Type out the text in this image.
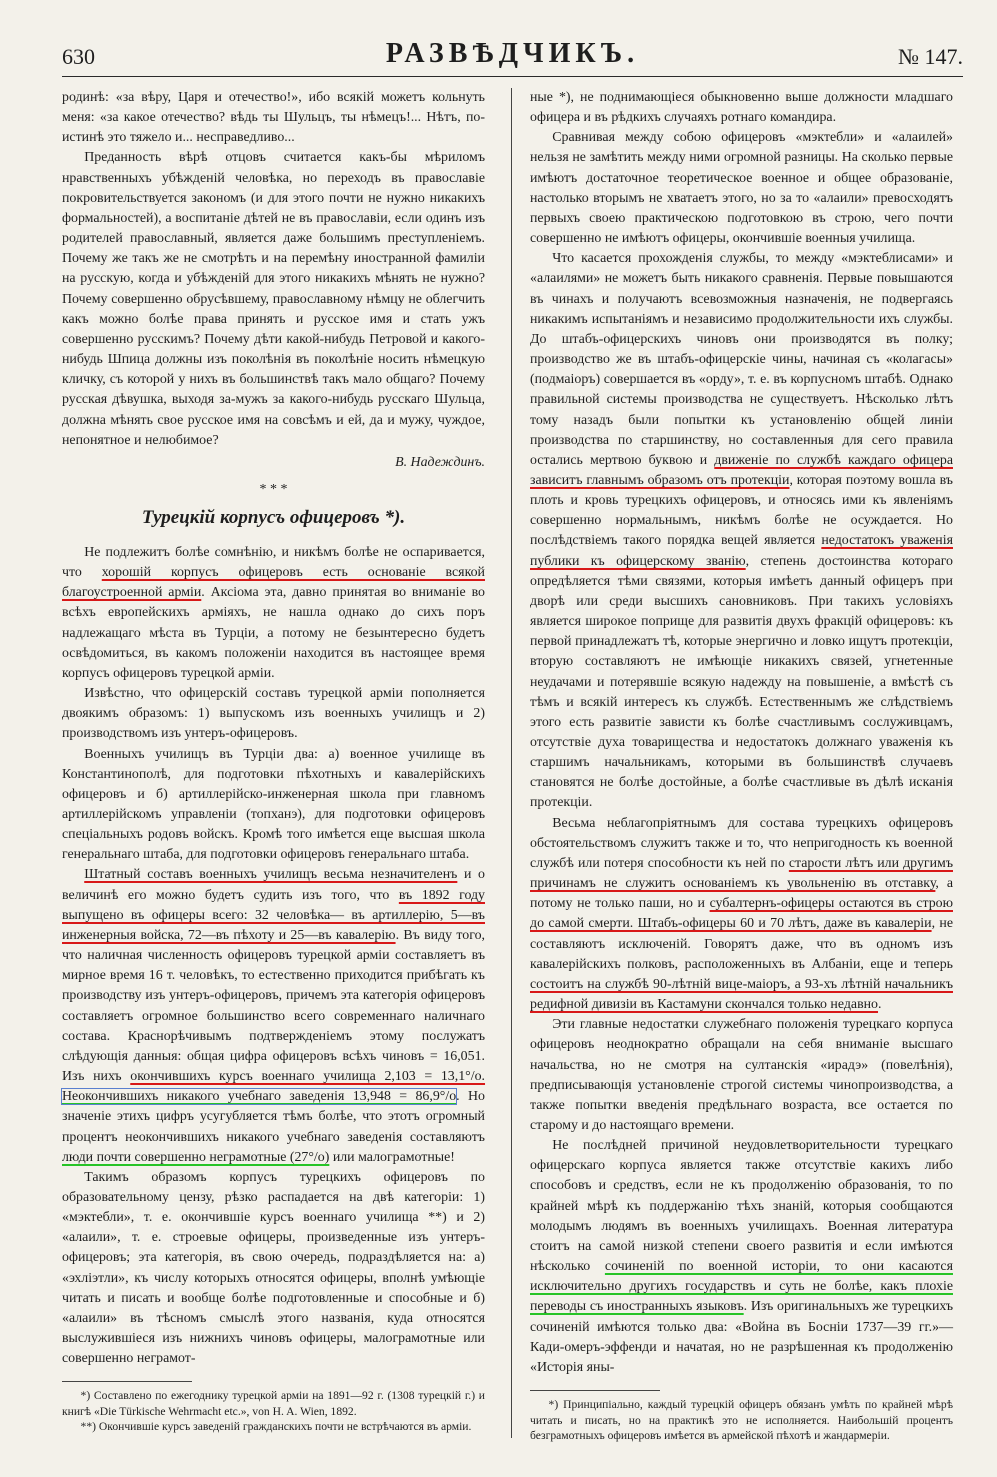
630	РАЗВѢДЧИКЪ.	№ 147.

родинѣ: «за вѣру, Царя и отечество!», ибо всякій можетъ кольнуть меня: «за какое отечество? вѣдь ты Шульцъ, ты нѣмецъ!... Нѣтъ, по-истинѣ это тяжело и... несправедливо...

Преданность вѣрѣ отцовъ считается какъ-бы мѣриломъ нравственныхъ убѣжденій человѣка, но переходъ въ православіе покровительствуется закономъ (и для этого почти не нужно никакихъ формальностей), а воспитаніе дѣтей не въ православіи, если одинъ изъ родителей православный, является даже большимъ преступленіемъ. Почему же такъ же не смотрѣть и на перемѣну иностранной фамиліи на русскую, когда и убѣжденій для этого никакихъ мѣнять не нужно? Почему совершенно обрусѣвшему, православному нѣмцу не облегчить какъ можно болѣе права принять и русское имя и стать ужъ совершенно русскимъ? Почему дѣти какой-нибудь Петровой и какого-нибудь Шпица должны изъ поколѣнія въ поколѣніе носить нѣмецкую кличку, съ которой у нихъ въ большинствѣ такъ мало общаго? Почему русская дѣвушка, выходя за-мужъ за какого-нибудь русскаго Шульца, должна мѣнять свое русское имя на совсѣмъ и ей, да и мужу, чуждое, непонятное и нелюбимое?

В. Надеждинъ.
* * *
Турецкій корпусъ офицеровъ *).

Не подлежитъ болѣе сомнѣнію, и никѣмъ болѣе не оспаривается, что хорошій корпусъ офицеровъ есть основаніе всякой благоустроенной арміи. Аксіома эта, давно принятая во вниманіе во всѣхъ европейскихъ арміяхъ, не нашла однако до сихъ поръ надлежащаго мѣста въ Турціи, а потому не безынтересно будетъ освѣдомиться, въ какомъ положеніи находится въ настоящее время корпусъ офицеровъ турецкой арміи.

Извѣстно, что офицерскій составъ турецкой арміи пополняется двоякимъ образомъ: 1) выпускомъ изъ военныхъ училищъ и 2) производствомъ изъ унтеръ-офицеровъ.

Военныхъ училищъ въ Турціи два: а) военное училище въ Константинополѣ, для подготовки пѣхотныхъ и кавалерійскихъ офицеровъ и б) артиллерійско-инженерная школа при главномъ артиллерійскомъ управленіи (топханэ), для подготовки офицеровъ спеціальныхъ родовъ войскъ. Кромѣ того имѣется еще высшая школа генеральнаго штаба, для подготовки офицеровъ генеральнаго штаба.

Штатный составъ военныхъ училищъ весьма незначителенъ и о величинѣ его можно будетъ судить изъ того, что въ 1892 году выпущено въ офицеры всего: 32 человѣка— въ артиллерію, 5—въ инженерныя войска, 72—въ пѣхоту и 25—въ кавалерію. Въ виду того, что наличная численность офицеровъ турецкой арміи составляетъ въ мирное время 16 т. человѣкъ, то естественно приходится прибѣгать къ производству изъ унтеръ-офицеровъ, причемъ эта категорія офицеровъ составляетъ огромное большинство всего современнаго наличнаго состава. Краснорѣчивымъ подтвержденіемъ этому послужатъ слѣдующія данныя: общая цифра офицеровъ всѣхъ чиновъ = 16,051. Изъ нихъ окончившихъ курсъ военнаго училища 2,103 = 13,1°/о. Неокончившихъ никакого учебнаго заведенія 13,948 = 86,9°/о. Но значеніе этихъ цифръ усугубляется тѣмъ болѣе, что этотъ огромный процентъ неокончившихъ никакого учебнаго заведенія составляютъ люди почти совершенно неграмотные (27°/о) или малограмотные!

Такимъ образомъ корпусъ турецкихъ офицеровъ по образовательному цензу, рѣзко распадается на двѣ категоріи: 1) «мэктебли», т. е. окончившіе курсъ военнаго училища **) и 2) «алаили», т. е. строевые офицеры, произведенные изъ унтеръ-офицеровъ; эта категорія, въ свою очередь, подраздѣляется на: а) «эхліэтли», къ числу которыхъ относятся офицеры, вполнѣ умѣющіе читать и писать и вообще болѣе подготовленные и способные и б) «алаили» въ тѣсномъ смыслѣ этого названія, куда относятся выслужившіеся изъ нижнихъ чиновъ офицеры, малограмотные или совершенно неграмот-

*) Составлено по ежегоднику турецкой арміи на 1891—92 г. (1308 турецкій г.) и книгѣ «Die Türkische Wehrmacht etc.», von H. A. Wien, 1892.

**) Окончившіе курсъ заведеній гражданскихъ почти не встрѣчаются въ арміи.

ные *), не поднимающіеся обыкновенно выше должности младшаго офицера и въ рѣдкихъ случаяхъ ротнаго командира.

Сравнивая между собою офицеровъ «мэктебли» и «алаилей» нельзя не замѣтить между ними огромной разницы. На сколько первые имѣютъ достаточное теоретическое военное и общее образованіе, настолько вторымъ не хватаетъ этого, но за то «алаили» превосходятъ первыхъ своею практическою подготовкою въ строю, чего почти совершенно не имѣютъ офицеры, окончившіе военныя училища.

Что касается прохожденія службы, то между «мэктеблисами» и «алаилями» не можетъ быть никакого сравненія. Первые повышаются въ чинахъ и получаютъ всевозможныя назначенія, не подвергаясь никакимъ испытаніямъ и независимо продолжительности ихъ службы. До штабъ-офицерскихъ чиновъ они производятся въ полку; производство же въ штабъ-офицерскіе чины, начиная съ «колагасы» (подмаіоръ) совершается въ «орду», т. е. въ корпусномъ штабѣ. Однако правильной системы производства не существуетъ. Нѣсколько лѣтъ тому назадъ были попытки къ установленію общей линіи производства по старшинству, но составленныя для сего правила остались мертвою буквою и движеніе по службѣ каждаго офицера зависитъ главнымъ образомъ отъ протекціи, которая поэтому вошла въ плоть и кровь турецкихъ офицеровъ, и относясь ими къ явленіямъ совершенно нормальнымъ, никѣмъ болѣе не осуждается. Но послѣдствіемъ такого порядка вещей является недостатокъ уваженія публики къ офицерскому званію, степень достоинства котораго опредѣляется тѣми связями, которыя имѣетъ данный офицеръ при дворѣ или среди высшихъ сановниковъ. При такихъ условіяхъ является широкое поприще для развитія двухъ фракцій офицеровъ: къ первой принадлежатъ тѣ, которые энергично и ловко ищутъ протекціи, вторую составляютъ не имѣющіе никакихъ связей, угнетенные неудачами и потерявшіе всякую надежду на повышеніе, а вмѣстѣ съ тѣмъ и всякій интересъ къ службѣ. Естественнымъ же слѣдствіемъ этого есть развитіе зависти къ болѣе счастливымъ сослуживцамъ, отсутствіе духа товарищества и недостатокъ должнаго уваженія къ старшимъ начальникамъ, которыми въ большинствѣ случаевъ становятся не болѣе достойные, а болѣе счастливые въ дѣлѣ исканія протекціи.

Весьма неблагопріятнымъ для состава турецкихъ офицеровъ обстоятельствомъ служитъ также и то, что непригодность къ военной службѣ или потеря способности къ ней по старости лѣтъ или другимъ причинамъ не служитъ основаніемъ къ увольненію въ отставку, а потому не только паши, но и субалтернъ-офицеры остаются въ строю до самой смерти. Штабъ-офицеры 60 и 70 лѣтъ, даже въ кавалеріи, не составляютъ исключеній. Говорятъ даже, что въ одномъ изъ кавалерійскихъ полковъ, расположенныхъ въ Албаніи, еще и теперь состоитъ на службѣ 90-лѣтній вице-маіоръ, а 93-хъ лѣтній начальникъ редифной дивизіи въ Кастамуни скончался только недавно.

Эти главные недостатки служебнаго положенія турецкаго корпуса офицеровъ неоднократно обращали на себя вниманіе высшаго начальства, но не смотря на султанскія «ирадэ» (повелѣнія), предписывающія установленіе строгой системы чинопроизводства, а также попытки введенія предѣльнаго возраста, все остается по старому и до настоящаго времени.

Не послѣдней причиной неудовлетворительности турецкаго офицерскаго корпуса является также отсутствіе какихъ либо способовъ и средствъ, если не къ продолженію образованія, то по крайней мѣрѣ къ поддержанію тѣхъ знаній, которыя сообщаются молодымъ людямъ въ военныхъ училищахъ. Военная литература стоитъ на самой низкой степени своего развитія и если имѣются нѣсколько сочиненій по военной исторіи, то они касаются исключительно другихъ государствъ и суть не болѣе, какъ плохіе переводы съ иностранныхъ языковъ. Изъ оригинальныхъ же турецкихъ сочиненій имѣются только два: «Война въ Босніи 1737—39 гг.»—Кади-омеръ-эффенди и начатая, но не разрѣшенная къ продолженію «Исторія яны-

*) Принципіально, каждый турецкій офицеръ обязанъ умѣть по крайней мѣрѣ читать и писать, но на практикѣ это не исполняется. Наибольшій процентъ безграмотныхъ офицеровъ имѣется въ армейской пѣхотѣ и жандармеріи.
